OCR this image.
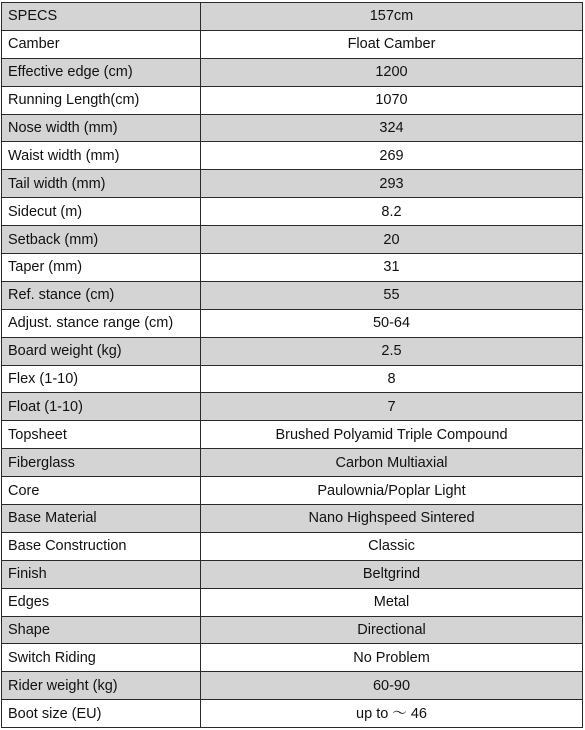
SPECS	157cm
Camber	Float Camber
Effective edge (cm)	1200
Running Length(cm)	1070
Nose width (mm)	324
Waist width (mm)	269
Tail width (mm)	293
Sidecut (m)	8.2
Setback (mm)	20
Taper (mm)	31
Ref. stance (cm)	55
Adjust. stance range (cm)	50-64
Board weight (kg)	2.5
Flex (1-10)	8
Float (1-10)	7
Topsheet	Brushed Polyamid Triple Compound
Fiberglass	Carbon Multiaxial
Core	Paulownia/Poplar Light
Base Material	Nano Highspeed Sintered
Base Construction	Classic
Finish	Beltgrind
Edges	Metal
Shape	Directional
Switch Riding	No Problem
Rider weight (kg)	60-90
Boot size (EU)	up to 〜 46
